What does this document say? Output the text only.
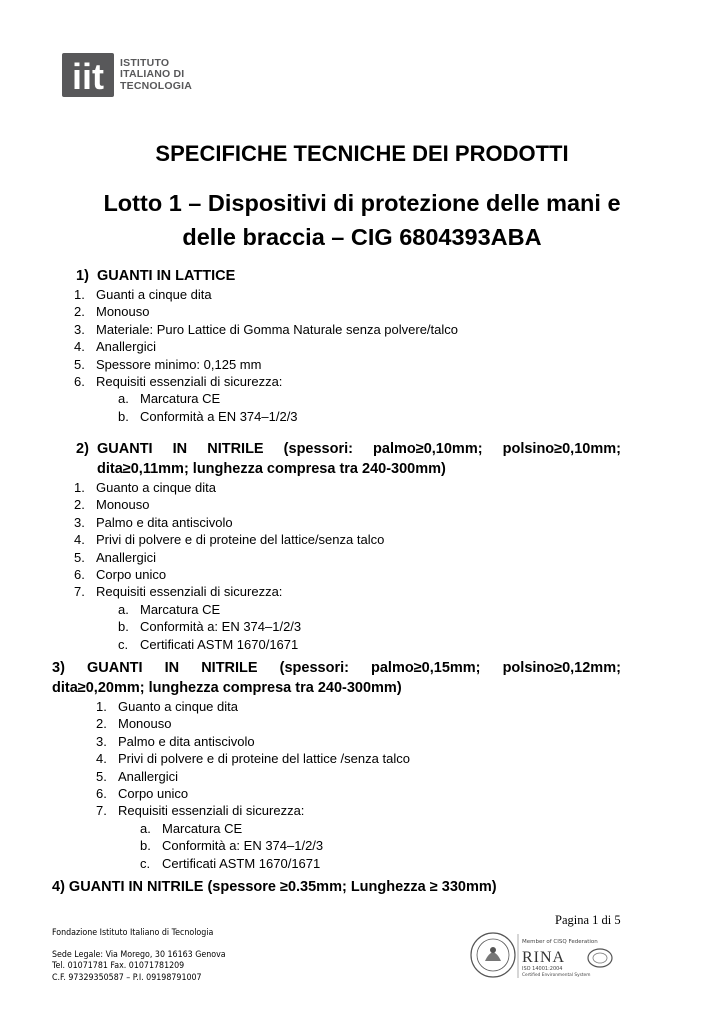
iit ISTITUTO
ITALIANO DI
TECNOLOGIA
SPECIFICHE TECNICHE DEI PRODOTTI
Lotto 1 – Dispositivi di protezione delle mani e
delle braccia – CIG 6804393ABA
1) GUANTI IN LATTICE
1. Guanti a cinque dita
2. Monouso
3. Materiale: Puro Lattice di Gomma Naturale senza polvere/talco
4. Anallergici
5. Spessore minimo: 0,125 mm
6. Requisiti essenziali di sicurezza:
a. Marcatura CE
b. Conformità a EN 374–1/2/3
2) GUANTI IN NITRILE (spessori: palmo≥0,10mm; polsino≥0,10mm;
dita≥0,11mm; lunghezza compresa tra 240-300mm)
1. Guanto a cinque dita
2. Monouso
3. Palmo e dita antiscivolo
4. Privi di polvere e di proteine del lattice/senza talco
5. Anallergici
6. Corpo unico
7. Requisiti essenziali di sicurezza:
a. Marcatura CE
b. Conformità a: EN 374–1/2/3
c. Certificati ASTM 1670/1671
3) GUANTI IN NITRILE (spessori: palmo≥0,15mm; polsino≥0,12mm;
dita≥0,20mm; lunghezza compresa tra 240-300mm)
1. Guanto a cinque dita
2. Monouso
3. Palmo e dita antiscivolo
4. Privi di polvere e di proteine del lattice /senza talco
5. Anallergici
6. Corpo unico
7. Requisiti essenziali di sicurezza:
a. Marcatura CE
b. Conformità a: EN 374–1/2/3
c. Certificati ASTM 1670/1671
4) GUANTI IN NITRILE (spessore ≥0.35mm; Lunghezza ≥ 330mm)
Pagina 1 di 5
Fondazione Istituto Italiano di Tecnologia
Sede Legale: Via Morego, 30 16163 Genova
Tel. 01071781 Fax. 01071781209
C.F. 97329350587 – P.I. 09198791007
Member of CISQ Federation
RINA
ISO 14001:2004
Certified Environmental System
